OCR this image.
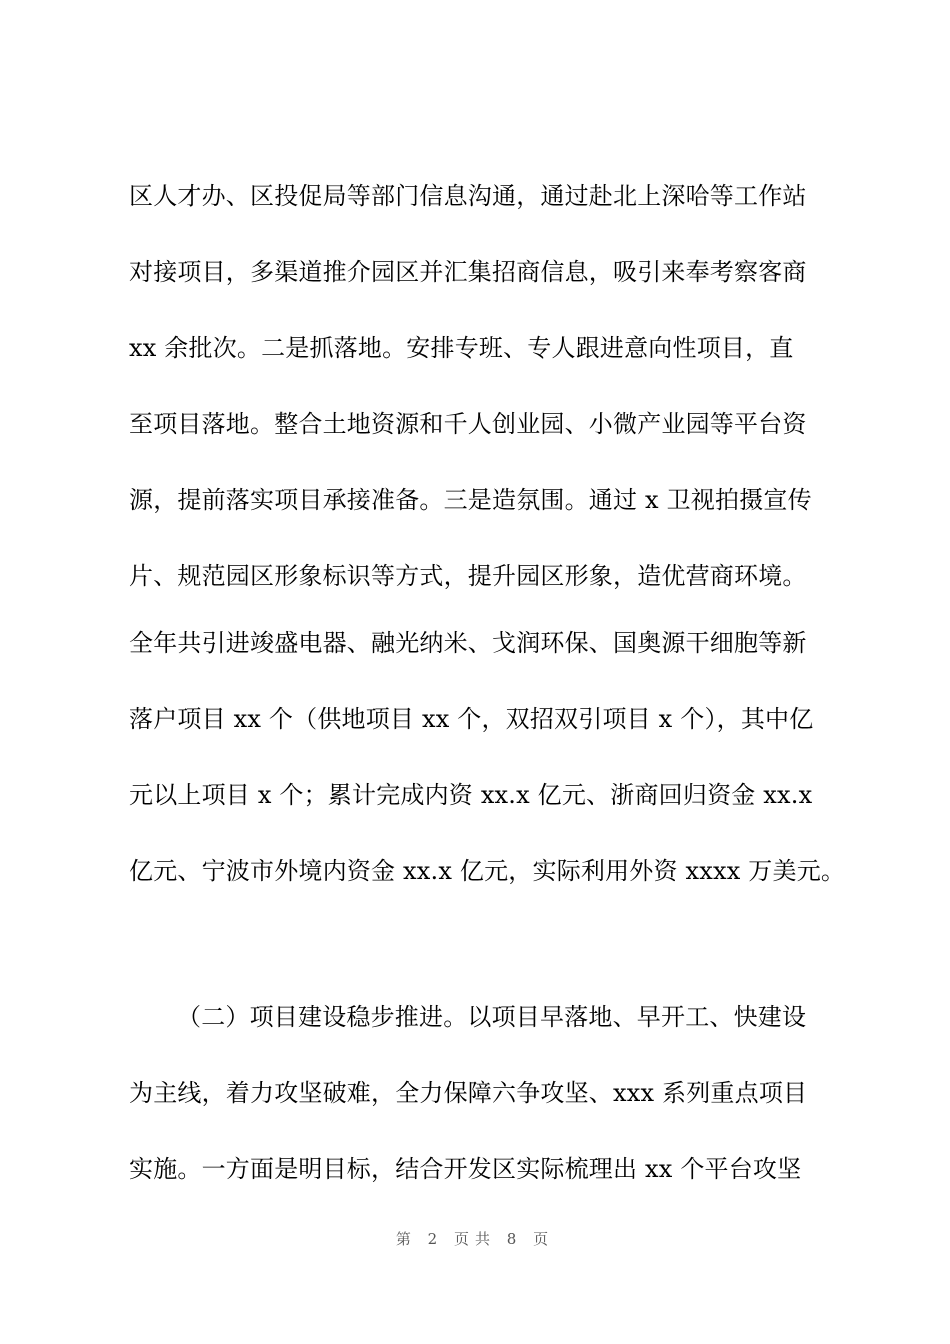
区人才办、区投促局等部门信息沟通，通过赴北上深哈等工作站
对接项目，多渠道推介园区并汇集招商信息，吸引来奉考察客商
xx 余批次。二是抓落地。安排专班、专人跟进意向性项目，直
至项目落地。整合土地资源和千人创业园、小微产业园等平台资
源，提前落实项目承接准备。三是造氛围。通过 x 卫视拍摄宣传
片、规范园区形象标识等方式，提升园区形象，造优营商环境。
全年共引进竣盛电器、融光纳米、戈润环保、国奥源干细胞等新
落户项目 xx 个（供地项目 xx 个，双招双引项目 x 个），其中亿
元以上项目 x 个；累计完成内资 xx.x 亿元、浙商回归资金 xx.x
亿元、宁波市外境内资金 xx.x 亿元，实际利用外资 xxxx 万美元。
（二）项目建设稳步推进。以项目早落地、早开工、快建设
为主线，着力攻坚破难，全力保障六争攻坚、xxx 系列重点项目
实施。一方面是明目标，结合开发区实际梳理出 xx 个平台攻坚
第 2 页共 8 页
